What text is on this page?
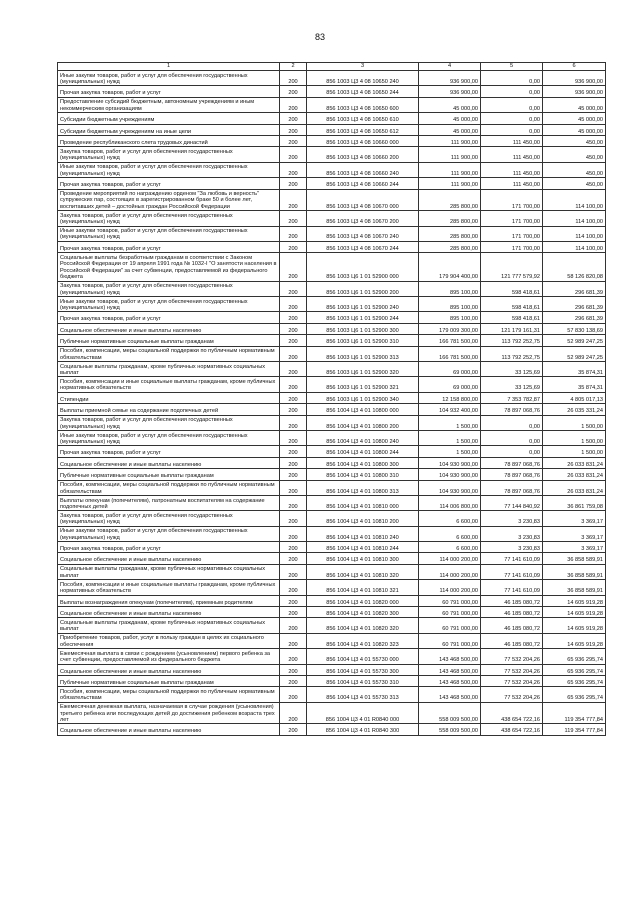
83
1	2	3	4	5	6
Иные закупки товаров, работ и услуг для обеспечения государственных (муниципальных) нужд	200	856 1003 Ц3 4 08 10650 240	936 900,00	0,00	936 900,00
Прочая закупка товаров, работ и услуг	200	856 1003 Ц3 4 08 10650 244	936 900,00	0,00	936 900,00
Предоставление субсидий бюджетным, автономным учреждениям и иным некоммерческим организациям	200	856 1003 Ц3 4 08 10650 600	45 000,00	0,00	45 000,00
Субсидии бюджетным учреждениям	200	856 1003 Ц3 4 08 10650 610	45 000,00	0,00	45 000,00
Субсидии бюджетным учреждениям на иные цели	200	856 1003 Ц3 4 08 10650 612	45 000,00	0,00	45 000,00
Проведение республиканского слета трудовых династий	200	856 1003 Ц3 4 08 10660 000	111 900,00	111 450,00	450,00
Закупка товаров, работ и услуг для обеспечения государственных (муниципальных) нужд	200	856 1003 Ц3 4 08 10660 200	111 900,00	111 450,00	450,00
Иные закупки товаров, работ и услуг для обеспечения государственных (муниципальных) нужд	200	856 1003 Ц3 4 08 10660 240	111 900,00	111 450,00	450,00
Прочая закупка товаров, работ и услуг	200	856 1003 Ц3 4 08 10660 244	111 900,00	111 450,00	450,00
Проведение мероприятий по награждению орденом "За любовь и верность" супружеских пар, состоящих в зарегистрированном браке 50 и более лет, воспитавших детей – достойных граждан Российской Федерации	200	856 1003 Ц3 4 08 10670 000	285 800,00	171 700,00	114 100,00
Закупка товаров, работ и услуг для обеспечения государственных (муниципальных) нужд	200	856 1003 Ц3 4 08 10670 200	285 800,00	171 700,00	114 100,00
Иные закупки товаров, работ и услуг для обеспечения государственных (муниципальных) нужд	200	856 1003 Ц3 4 08 10670 240	285 800,00	171 700,00	114 100,00
Прочая закупка товаров, работ и услуг	200	856 1003 Ц3 4 08 10670 244	285 800,00	171 700,00	114 100,00
Социальные выплаты безработным гражданам в соответствии с Законом Российской Федерации от 19 апреля 1991 года № 1032-I "О занятости населения в Российской Федерации" за счет субвенции, предоставляемой из федерального бюджета	200	856 1003 Ц6 1 01 52900 000	179 904 400,00	121 777 579,92	58 126 820,08
Закупка товаров, работ и услуг для обеспечения государственных (муниципальных) нужд	200	856 1003 Ц6 1 01 52900 200	895 100,00	598 418,61	296 681,39
Иные закупки товаров, работ и услуг для обеспечения государственных (муниципальных) нужд	200	856 1003 Ц6 1 01 52900 240	895 100,00	598 418,61	296 681,39
Прочая закупка товаров, работ и услуг	200	856 1003 Ц6 1 01 52900 244	895 100,00	598 418,61	296 681,39
Социальное обеспечение и иные выплаты населению	200	856 1003 Ц6 1 01 52900 300	179 009 300,00	121 179 161,31	57 830 138,69
Публичные нормативные социальные выплаты гражданам	200	856 1003 Ц6 1 01 52900 310	166 781 500,00	113 792 252,75	52 989 247,25
Пособия, компенсации, меры социальной поддержки по публичным нормативным обязательствам	200	856 1003 Ц6 1 01 52900 313	166 781 500,00	113 792 252,75	52 989 247,25
Социальные выплаты гражданам, кроме публичных нормативных социальных выплат	200	856 1003 Ц6 1 01 52900 320	69 000,00	33 125,69	35 874,31
Пособия, компенсации и иные социальные выплаты гражданам, кроме публичных нормативных обязательств	200	856 1003 Ц6 1 01 52900 321	69 000,00	33 125,69	35 874,31
Стипендии	200	856 1003 Ц6 1 01 52900 340	12 158 800,00	7 353 782,87	4 805 017,13
Выплаты приемной семье на содержание подопечных детей	200	856 1004 Ц3 4 01 10800 000	104 932 400,00	78 897 068,76	26 035 331,24
Закупка товаров, работ и услуг для обеспечения государственных (муниципальных) нужд	200	856 1004 Ц3 4 01 10800 200	1 500,00	0,00	1 500,00
Иные закупки товаров, работ и услуг для обеспечения государственных (муниципальных) нужд	200	856 1004 Ц3 4 01 10800 240	1 500,00	0,00	1 500,00
Прочая закупка товаров, работ и услуг	200	856 1004 Ц3 4 01 10800 244	1 500,00	0,00	1 500,00
Социальное обеспечение и иные выплаты населению	200	856 1004 Ц3 4 01 10800 300	104 930 900,00	78 897 068,76	26 033 831,24
Публичные нормативные социальные выплаты гражданам	200	856 1004 Ц3 4 01 10800 310	104 930 900,00	78 897 068,76	26 033 831,24
Пособия, компенсации, меры социальной поддержки по публичным нормативным обязательствам	200	856 1004 Ц3 4 01 10800 313	104 930 900,00	78 897 068,76	26 033 831,24
Выплаты опекунам (попечителям), патронатным воспитателям на содержание подопечных детей	200	856 1004 Ц3 4 01 10810 000	114 006 800,00	77 144 840,92	36 861 759,08
Закупка товаров, работ и услуг для обеспечения государственных (муниципальных) нужд	200	856 1004 Ц3 4 01 10810 200	6 600,00	3 230,83	3 369,17
Иные закупки товаров, работ и услуг для обеспечения государственных (муниципальных) нужд	200	856 1004 Ц3 4 01 10810 240	6 600,00	3 230,83	3 369,17
Прочая закупка товаров, работ и услуг	200	856 1004 Ц3 4 01 10810 244	6 600,00	3 230,83	3 369,17
Социальное обеспечение и иные выплаты населению	200	856 1004 Ц3 4 01 10810 300	114 000 200,00	77 141 610,09	36 858 589,91
Социальные выплаты гражданам, кроме публичных нормативных социальных выплат	200	856 1004 Ц3 4 01 10810 320	114 000 200,00	77 141 610,09	36 858 589,91
Пособия, компенсации и иные социальные выплаты гражданам, кроме публичных нормативных обязательств	200	856 1004 Ц3 4 01 10810 321	114 000 200,00	77 141 610,09	36 858 589,91
Выплаты вознаграждения опекунам (попечителям), приемным родителям	200	856 1004 Ц3 4 01 10820 000	60 791 000,00	46 185 080,72	14 605 919,28
Социальное обеспечение и иные выплаты населению	200	856 1004 Ц3 4 01 10820 300	60 791 000,00	46 185 080,72	14 605 919,28
Социальные выплаты гражданам, кроме публичных нормативных социальных выплат	200	856 1004 Ц3 4 01 10820 320	60 791 000,00	46 185 080,72	14 605 919,28
Приобретение товаров, работ, услуг в пользу граждан в целях их социального обеспечения	200	856 1004 Ц3 4 01 10820 323	60 791 000,00	46 185 080,72	14 605 919,28
Ежемесячная выплата в связи с рождением (усыновлением) первого ребенка за счет субвенции, предоставляемой из федерального бюджета	200	856 1004 Ц3 4 01 55730 000	143 468 500,00	77 532 204,26	65 936 295,74
Социальное обеспечение и иные выплаты населению	200	856 1004 Ц3 4 01 55730 300	143 468 500,00	77 532 204,26	65 936 295,74
Публичные нормативные социальные выплаты гражданам	200	856 1004 Ц3 4 01 55730 310	143 468 500,00	77 532 204,26	65 936 295,74
Пособия, компенсации, меры социальной поддержки по публичным нормативным обязательствам	200	856 1004 Ц3 4 01 55730 313	143 468 500,00	77 532 204,26	65 936 295,74
Ежемесячная денежная выплата, назначаемая в случае рождения (усыновления) третьего ребенка или последующих детей до достижения ребенком возраста трех лет	200	856 1004 Ц3 4 01 R0840 000	558 009 500,00	438 654 722,16	119 354 777,84
Социальное обеспечение и иные выплаты населению	200	856 1004 Ц3 4 01 R0840 300	558 009 500,00	438 654 722,16	119 354 777,84
